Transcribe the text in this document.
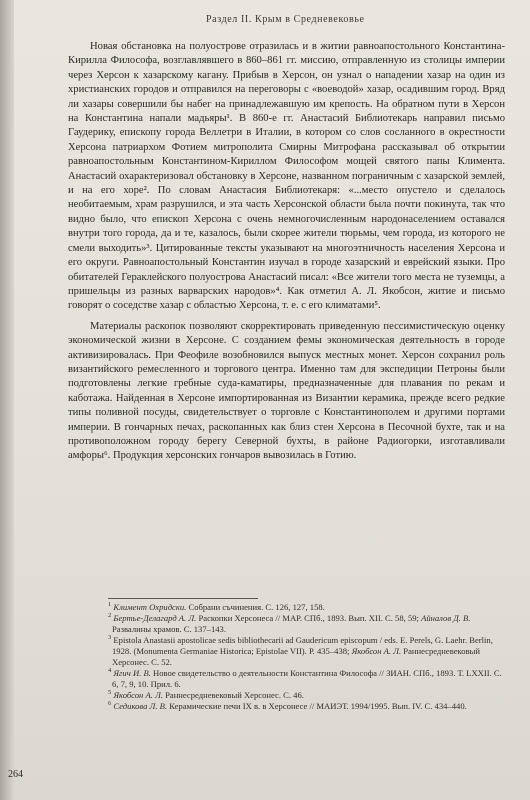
Раздел II. Крым в Средневековье

Новая обстановка на полуострове отразилась и в житии равноапостольного Константина-Кирилла Философа, возглавлявшего в 860–861 гг. миссию, отправленную из столицы империи через Херсон к хазарскому кагану. Прибыв в Херсон, он узнал о нападении хазар на один из христианских городов и отправился на переговоры с «воеводой» хазар, осадившим город. Вряд ли хазары совершили бы набег на принадлежавшую им крепость. На обратном пути в Херсон на Константина напали мадьяры¹. В 860-е гг. Анастасий Библиотекарь направил письмо Гаудерику, епископу города Веллетри в Италии, в котором со слов сосланного в окрестности Херсона патриархом Фотием митрополита Смирны Митрофана рассказывал об открытии равноапостольным Константином-Кириллом Философом мощей святого папы Климента. Анастасий охарактеризовал обстановку в Херсоне, названном пограничным с хазарской землей, и на его хоре². По словам Анастасия Библиотекаря: «...место опустело и сделалось необитаемым, храм разрушился, и эта часть Херсонской области была почти покинута, так что видно было, что епископ Херсона с очень немногочисленным народонаселением оставался внутри того города, да и те, казалось, были скорее жители тюрьмы, чем города, из которого не смели выходить»³. Цитированные тексты указывают на многоэтничность населения Херсона и его округи. Равноапостольный Константин изучал в городе хазарский и еврейский языки. Про обитателей Гераклейского полуострова Анастасий писал: «Все жители того места не туземцы, а пришельцы из разных варварских народов»⁴. Как отметил А. Л. Якобсон, житие и письмо говорят о соседстве хазар с областью Херсона, т. е. с его климатами⁵.

Материалы раскопок позволяют скорректировать приведенную пессимистическую оценку экономической жизни в Херсоне. С созданием фемы экономическая деятельность в городе активизировалась. При Феофиле возобновился выпуск местных монет. Херсон сохранил роль византийского ремесленного и торгового центра. Именно там для экспедиции Петроны были подготовлены легкие гребные суда-каматиры, предназначенные для плавания по рекам и каботажа. Найденная в Херсоне импортированная из Византии керамика, прежде всего редкие типы поливной посуды, свидетельствует о торговле с Константинополем и другими портами империи. В гончарных печах, раскопанных как близ стен Херсона в Песочной бухте, так и на противоположном городу берегу Северной бухты, в районе Радиогорки, изготавливали амфоры⁶. Продукция херсонских гончаров вывозилась в Готию.

$^1$ Климент Охридски. Собрани съчинения. С. 126, 127, 158.

$^2$ Бертье-Делагард А. Л. Раскопки Херсонеса // МАР. СПб., 1893. Вып. XII. С. 58, 59; Айналов Д. В. Развалины храмов. С. 137–143.

$^3$ Epistola Anastasii apostolicae sedis bibliothecarii ad Gaudericum episcopum / eds. E. Perels, G. Laehr. Berlin, 1928. (Monumenta Germaniae Historica; Epistolae VII). Р. 435–438; Якобсон А. Л. Раннесредневековый Херсонес. С. 52.

$^4$ Ягич И. В. Новое свидетельство о деятельности Константина Философа // ЗИАН. СПб., 1893. Т. LXXII. С. 6, 7, 9, 10. Прил. 6.

$^5$ Якобсон А. Л. Раннесредневековый Херсонес. С. 46.

$^6$ Седикова Л. В. Керамические печи IX в. в Херсонесе // МАИЭТ. 1994/1995. Вып. IV. С. 434–440.

264
